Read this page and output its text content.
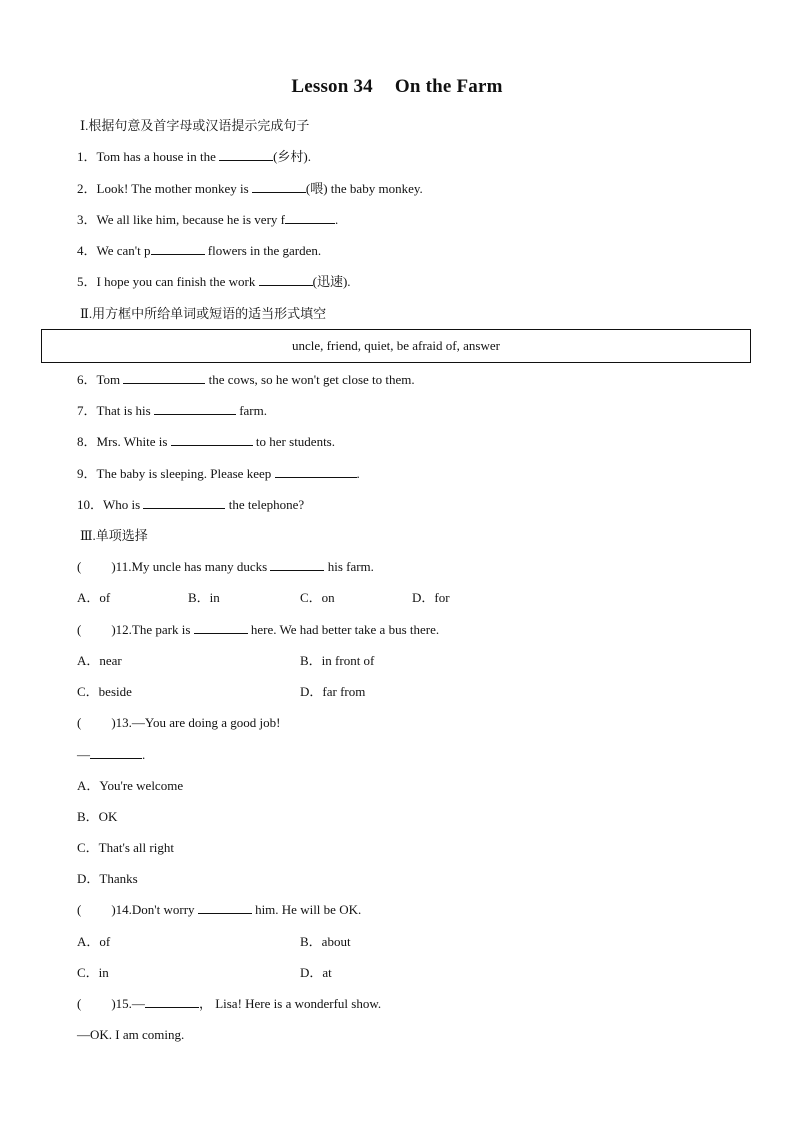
Lesson 34 On the Farm
Ⅰ.根据句意及首字母或汉语提示完成句子
1．Tom has a house in the	(乡村).
2．Look! The mother monkey is	(喂) the baby monkey.
3．We all like him, because he is very f	.
4．We can't p	flowers in the garden.
5．I hope you can finish the work	(迅速).
Ⅱ.用方框中所给单词或短语的适当形式填空
uncle, friend, quiet, be afraid of, answer
6．Tom	the cows, so he won't get close to them.
7．That is his	farm.
8．Mrs. White is	to her students.
9．The baby is sleeping. Please keep	.
10．Who is	the telephone?
Ⅲ.单项选择
( )11.My uncle has many ducks	his farm.
A．of	B．in	C．on	D．for
( )12.The park is	here. We had better take a bus there.
A．near	B．in front of
C．beside	D．far from
( )13.—You are doing a good job!
—	.
A．You're welcome
B．OK
C．That's all right
D．Thanks
( )14.Don't worry	him. He will be OK.
A．of	B．about
C．in	D．at
( )15.—	， Lisa! Here is a wonderful show.
—OK. I am coming.
